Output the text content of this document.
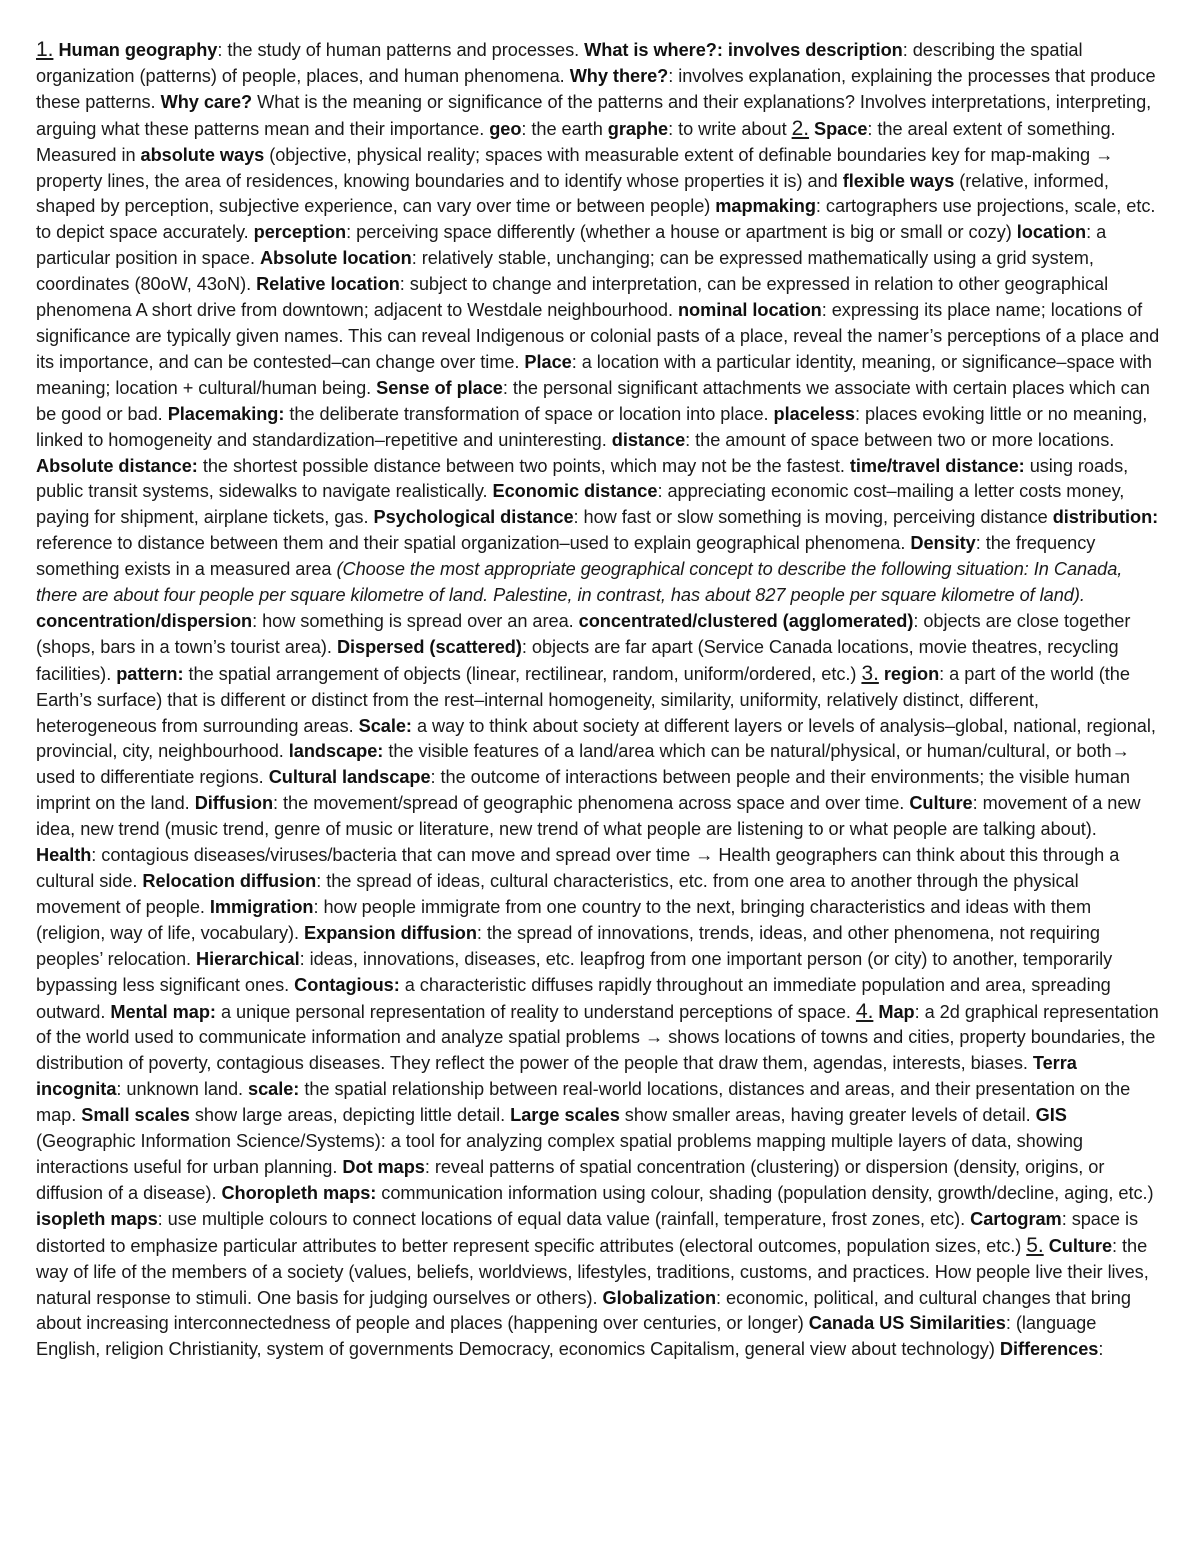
1. Human geography: the study of human patterns and processes. What is where?: involves description: describing the spatial organization (patterns) of people, places, and human phenomena. Why there?: involves explanation, explaining the processes that produce these patterns. Why care? What is the meaning or significance of the patterns and their explanations? Involves interpretations, interpreting, arguing what these patterns mean and their importance. geo: the earth graphe: to write about 2. Space: the areal extent of something. Measured in absolute ways (objective, physical reality; spaces with measurable extent of definable boundaries key for map-making → property lines, the area of residences, knowing boundaries and to identify whose properties it is) and flexible ways (relative, informed, shaped by perception, subjective experience, can vary over time or between people) mapmaking: cartographers use projections, scale, etc. to depict space accurately. perception: perceiving space differently (whether a house or apartment is big or small or cozy) location: a particular position in space. Absolute location: relatively stable, unchanging; can be expressed mathematically using a grid system, coordinates (80oW, 43oN). Relative location: subject to change and interpretation, can be expressed in relation to other geographical phenomena A short drive from downtown; adjacent to Westdale neighbourhood. nominal location: expressing its place name; locations of significance are typically given names. This can reveal Indigenous or colonial pasts of a place, reveal the namer’s perceptions of a place and its importance, and can be contested–can change over time. Place: a location with a particular identity, meaning, or significance–space with meaning; location + cultural/human being. Sense of place: the personal significant attachments we associate with certain places which can be good or bad. Placemaking: the deliberate transformation of space or location into place. placeless: places evoking little or no meaning, linked to homogeneity and standardization–repetitive and uninteresting. distance: the amount of space between two or more locations. Absolute distance: the shortest possible distance between two points, which may not be the fastest. time/travel distance: using roads, public transit systems, sidewalks to navigate realistically. Economic distance: appreciating economic cost–mailing a letter costs money, paying for shipment, airplane tickets, gas. Psychological distance: how fast or slow something is moving, perceiving distance distribution: reference to distance between them and their spatial organization–used to explain geographical phenomena. Density: the frequency something exists in a measured area (Choose the most appropriate geographical concept to describe the following situation: In Canada, there are about four people per square kilometre of land. Palestine, in contrast, has about 827 people per square kilometre of land). concentration/dispersion: how something is spread over an area. concentrated/clustered (agglomerated): objects are close together (shops, bars in a town’s tourist area). Dispersed (scattered): objects are far apart (Service Canada locations, movie theatres, recycling facilities). pattern: the spatial arrangement of objects (linear, rectilinear, random, uniform/ordered, etc.) 3. region: a part of the world (the Earth’s surface) that is different or distinct from the rest–internal homogeneity, similarity, uniformity, relatively distinct, different, heterogeneous from surrounding areas. Scale: a way to think about society at different layers or levels of analysis–global, national, regional, provincial, city, neighbourhood. landscape: the visible features of a land/area which can be natural/physical, or human/cultural, or both→ used to differentiate regions. Cultural landscape: the outcome of interactions between people and their environments; the visible human imprint on the land. Diffusion: the movement/spread of geographic phenomena across space and over time. Culture: movement of a new idea, new trend (music trend, genre of music or literature, new trend of what people are listening to or what people are talking about). Health: contagious diseases/viruses/bacteria that can move and spread over time → Health geographers can think about this through a cultural side. Relocation diffusion: the spread of ideas, cultural characteristics, etc. from one area to another through the physical movement of people. Immigration: how people immigrate from one country to the next, bringing characteristics and ideas with them (religion, way of life, vocabulary). Expansion diffusion: the spread of innovations, trends, ideas, and other phenomena, not requiring peoples’ relocation. Hierarchical: ideas, innovations, diseases, etc. leapfrog from one important person (or city) to another, temporarily bypassing less significant ones. Contagious: a characteristic diffuses rapidly throughout an immediate population and area, spreading outward. Mental map: a unique personal representation of reality to understand perceptions of space. 4. Map: a 2d graphical representation of the world used to communicate information and analyze spatial problems → shows locations of towns and cities, property boundaries, the distribution of poverty, contagious diseases. They reflect the power of the people that draw them, agendas, interests, biases. Terra incognita: unknown land. scale: the spatial relationship between real-world locations, distances and areas, and their presentation on the map. Small scales show large areas, depicting little detail. Large scales show smaller areas, having greater levels of detail. GIS (Geographic Information Science/Systems): a tool for analyzing complex spatial problems mapping multiple layers of data, showing interactions useful for urban planning. Dot maps: reveal patterns of spatial concentration (clustering) or dispersion (density, origins, or diffusion of a disease). Choropleth maps: communication information using colour, shading (population density, growth/decline, aging, etc.) isopleth maps: use multiple colours to connect locations of equal data value (rainfall, temperature, frost zones, etc). Cartogram: space is distorted to emphasize particular attributes to better represent specific attributes (electoral outcomes, population sizes, etc.) 5. Culture: the way of life of the members of a society (values, beliefs, worldviews, lifestyles, traditions, customs, and practices. How people live their lives, natural response to stimuli. One basis for judging ourselves or others). Globalization: economic, political, and cultural changes that bring about increasing interconnectedness of people and places (happening over centuries, or longer) Canada US Similarities: (language English, religion Christianity, system of governments Democracy, economics Capitalism, general view about technology) Differences:
